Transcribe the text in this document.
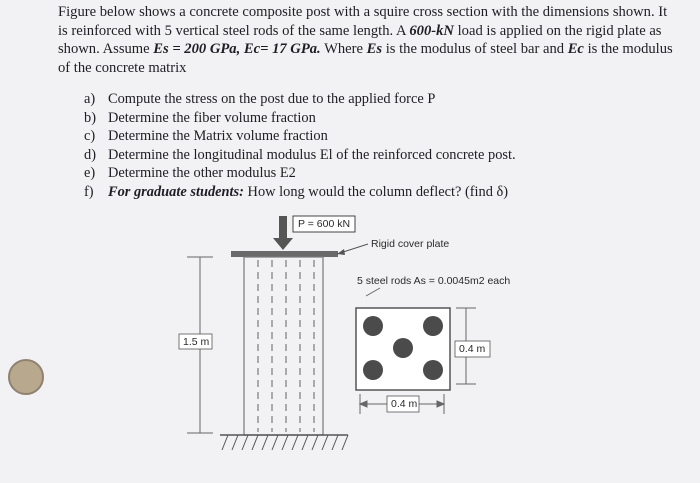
Figure below shows a concrete composite post with a squire cross section with the dimensions shown. It is reinforced with 5 vertical steel rods of the same length. A 600-kN load is applied on the rigid plate as shown. Assume Es = 200 GPa, Ec= 17 GPa. Where Es is the modulus of steel bar and Ec is the modulus of the concrete matrix

a) Compute the stress on the post due to the applied force P
b) Determine the fiber volume fraction
c) Determine the Matrix volume fraction
d) Determine the longitudinal modulus El of the reinforced concrete post.
e) Determine the other modulus E2
f) For graduate students: How long would the column deflect? (find δ)
P = 600 kN
Rigid cover plate
5 steel rods As = 0.0045m2 each
1.5 m
0.4 m
0.4 m
